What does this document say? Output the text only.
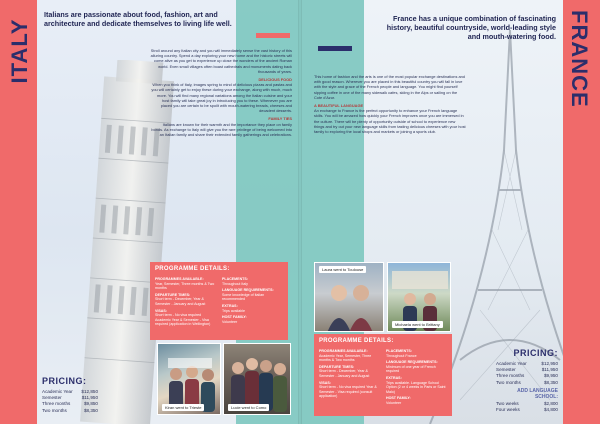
ITALY	FRANCE
Italians are passionate about food, fashion, art and architecture and dedicate themselves to living life well.
France has a unique combination of fascinating history, beautiful countryside, world-leading style and mouth-watering food.

Stroll around any Italian city and you will immediately sense the vast history of this alluring country. Spend a day exploring your new home and the historic streets will come alive as you get to experience up close the wonders of the ancient Roman world. Even small villages often boast cathedrals and monuments dating back thousands of years.

DELICIOUS FOOD
When you think of Italy, images spring to mind of delicious pizzas and pastas and you will certainly get to enjoy these during your exchange, along with much, much more. You will find many regional variations among the Italian cuisine and your host family will take great joy in introducing you to these. Whenever you are placed you are certain to be spoilt with mouth-watering breads, cheeses and decadent desserts.

FAMILY TIES
Italians are known for their warmth and the importance they place on family bonds. As exchange to Italy will give you the rare privilege of being welcomed into an Italian family and share their extended family gatherings and celebrations.

This home of fashion and the arts is one of the most popular exchange destinations and with good reason. Wherever you are placed in this beautiful country you will fall in love with the style and grace of the French people and language. You might find yourself sipping coffee in one of the many sidewalk cafes, skiing in the Alps or sailing on the Cote d'Azur.

A BEAUTIFUL LANGUAGE
An exchange to France is the perfect opportunity to enhance your French language skills. You will be amazed how quickly your French improves once you are immersed in the culture. There will be plenty of opportunity outside of school to experience new things and try out your new language skills from tasting delicious cheeses with your host family to exploring the local shops and markets or joining a sports club.

PROGRAMME DETAILS:
PROGRAMMES AVAILABLE:
Year, Semester, Three months & Two months
DEPARTURE TIMES:
Short term - December, Year & Semester - January and August
VISAS:
Short term - No visa required Academic Year & Semester - Visa required (application in Wellington)
PLACEMENTS:
Throughout Italy
LANGUAGE REQUIREMENTS:
Some knowledge of Italian recommended
EXTRAS:
Trips available
HOST FAMILY:
Volunteer
Kiran went to Trieste	Lucie went to Como
PRICING:
Academic Year $12,850
Semester	$11,950
Three months	$9,850
Two months	$8,350
Laura went to Toulouse
Michaela went to Brittany
PROGRAMME DETAILS:
PROGRAMMES AVAILABLE:
Academic Year, Semester, Three months & Two months
DEPARTURE TIMES:
Short term - December, Year & Semester - January and August
VISAS:
Short term - No visa required Year & Semester - Visa required (consult application)
PLACEMENTS:
Throughout France
LANGUAGE REQUIREMENTS:
Minimum of one year of French required
EXTRAS:
Trips available. Language School Option (2 or 4 weeks in Paris or Saint Malo)
HOST FAMILY:
Volunteer
PRICING:
Academic Year	$12,950
Semester	$11,950
Three months	$9,950
Two months	$8,350
ADD LANGUAGE SCHOOL:
Two weeks	$2,800
Four weeks	$4,800
